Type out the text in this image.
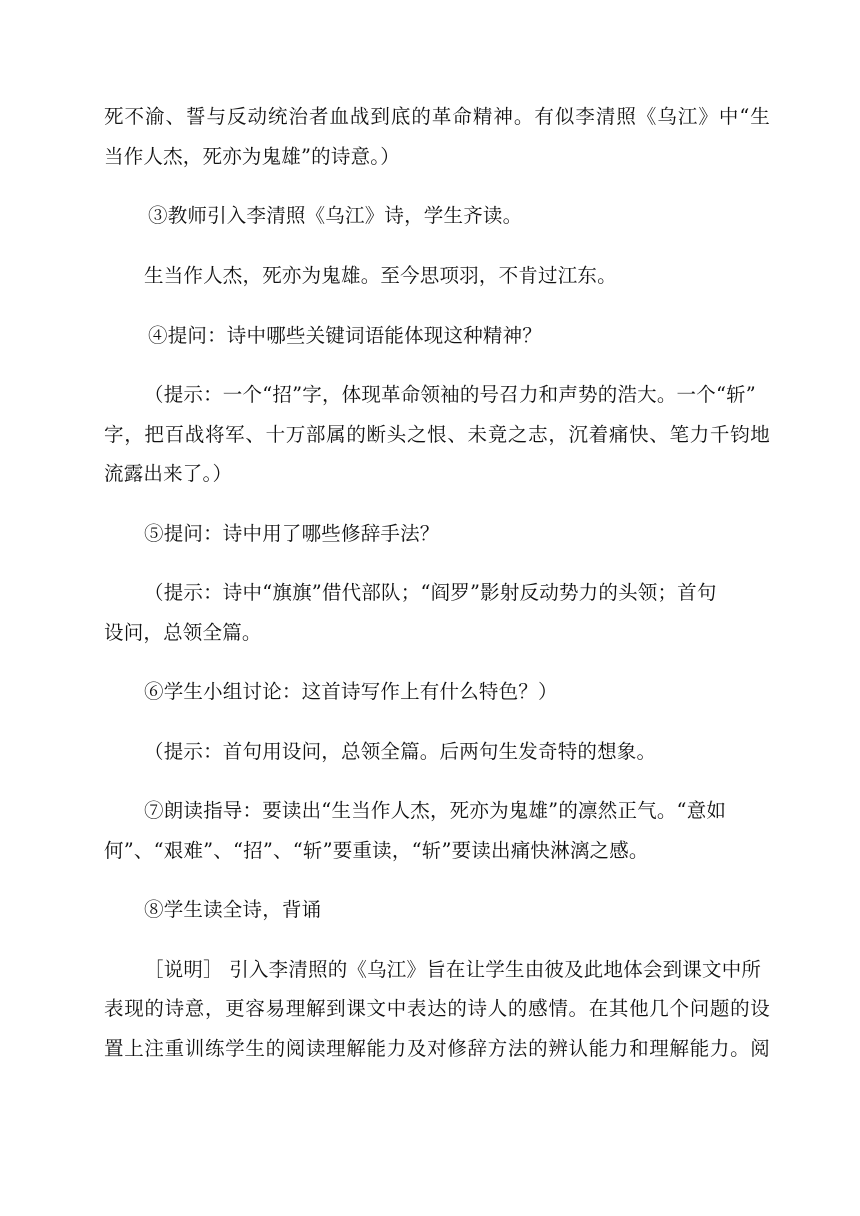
死不渝、誓与反动统治者血战到底的革命精神。有似李清照《乌江》中“生
当作人杰，死亦为鬼雄”的诗意。）
③教师引入李清照《乌江》诗，学生齐读。
生当作人杰，死亦为鬼雄。至今思项羽，不肯过江东。
④提问：诗中哪些关键词语能体现这种精神？
（提示：一个“招”字，体现革命领袖的号召力和声势的浩大。一个“斩”
字，把百战将军、十万部属的断头之恨、未竟之志，沉着痛快、笔力千钧地
流露出来了。）
⑤提问：诗中用了哪些修辞手法？
（提示：诗中“旗旗”借代部队；“阎罗”影射反动势力的头领；首句
设问，总领全篇。
⑥学生小组讨论：这首诗写作上有什么特色？）
（提示：首句用设问，总领全篇。后两句生发奇特的想象。
⑦朗读指导：要读出“生当作人杰，死亦为鬼雄”的凛然正气。“意如
何”、“艰难”、“招”、“斩”要重读，“斩”要读出痛快淋漓之感。
⑧学生读全诗，背诵
［说明］ 引入李清照的《乌江》旨在让学生由彼及此地体会到课文中所
表现的诗意，更容易理解到课文中表达的诗人的感情。在其他几个问题的设
置上注重训练学生的阅读理解能力及对修辞方法的辨认能力和理解能力。阅
